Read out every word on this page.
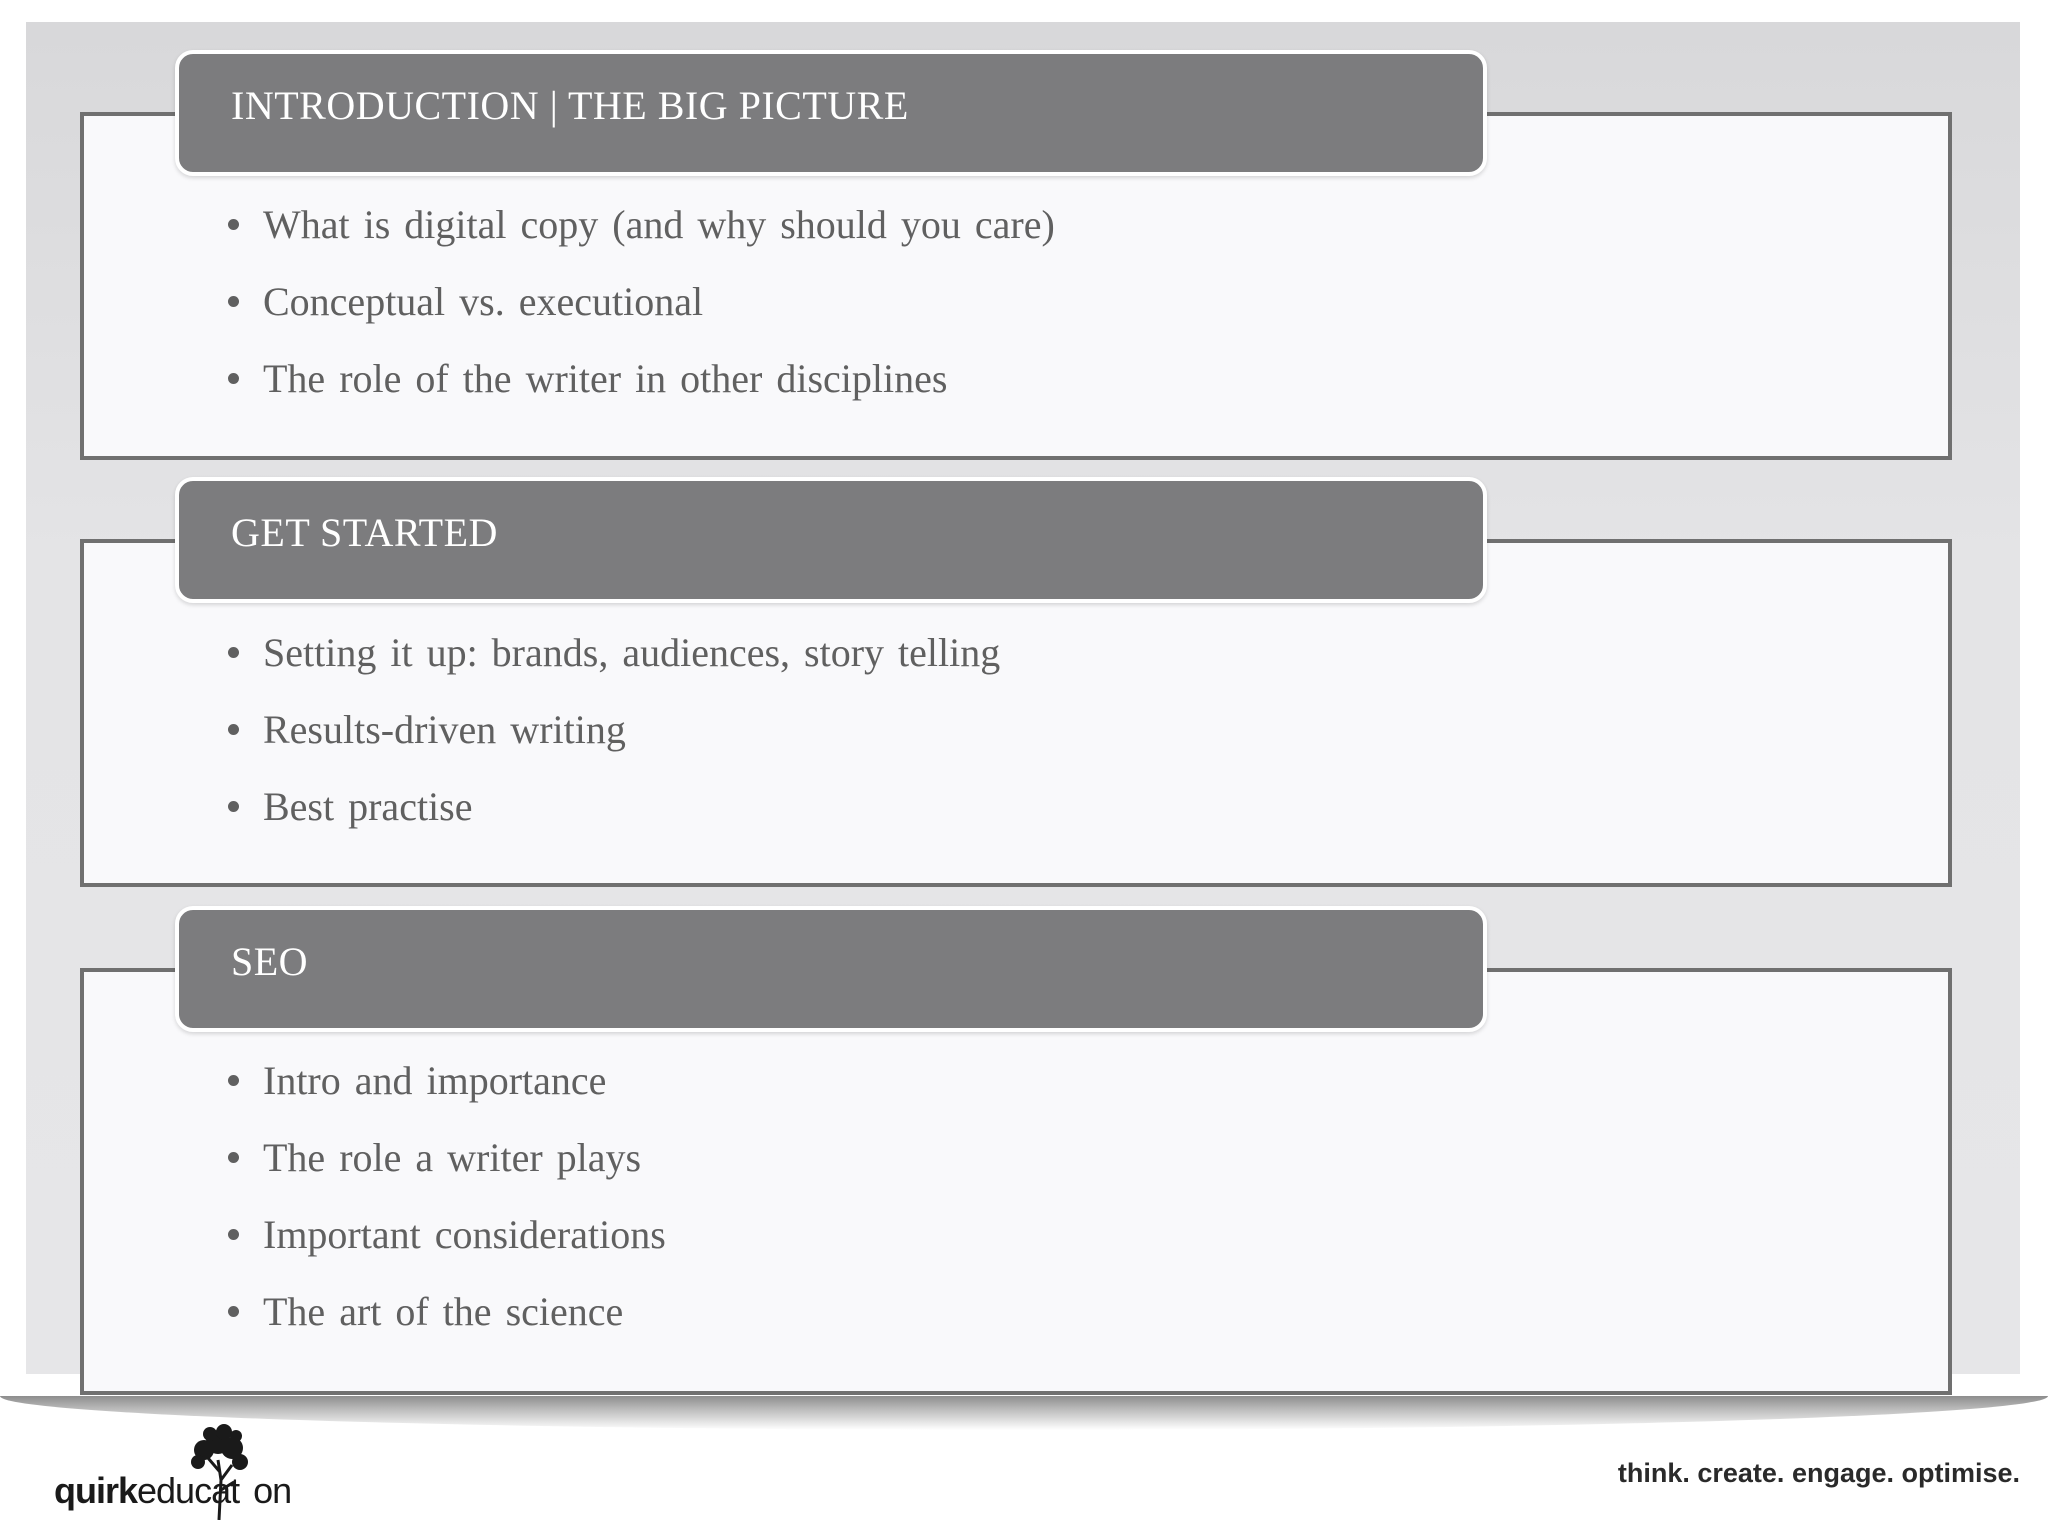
INTRODUCTION | THE BIG PICTURE
What is digital copy (and why should you care)
Conceptual vs. executional
The role of the writer in other disciplines
GET STARTED
Setting it up: brands, audiences, story telling
Results-driven writing
Best practise
SEO
Intro and importance
The role a writer plays
Important considerations
The art of the science
quirkeducat on	think. create. engage. optimise.
